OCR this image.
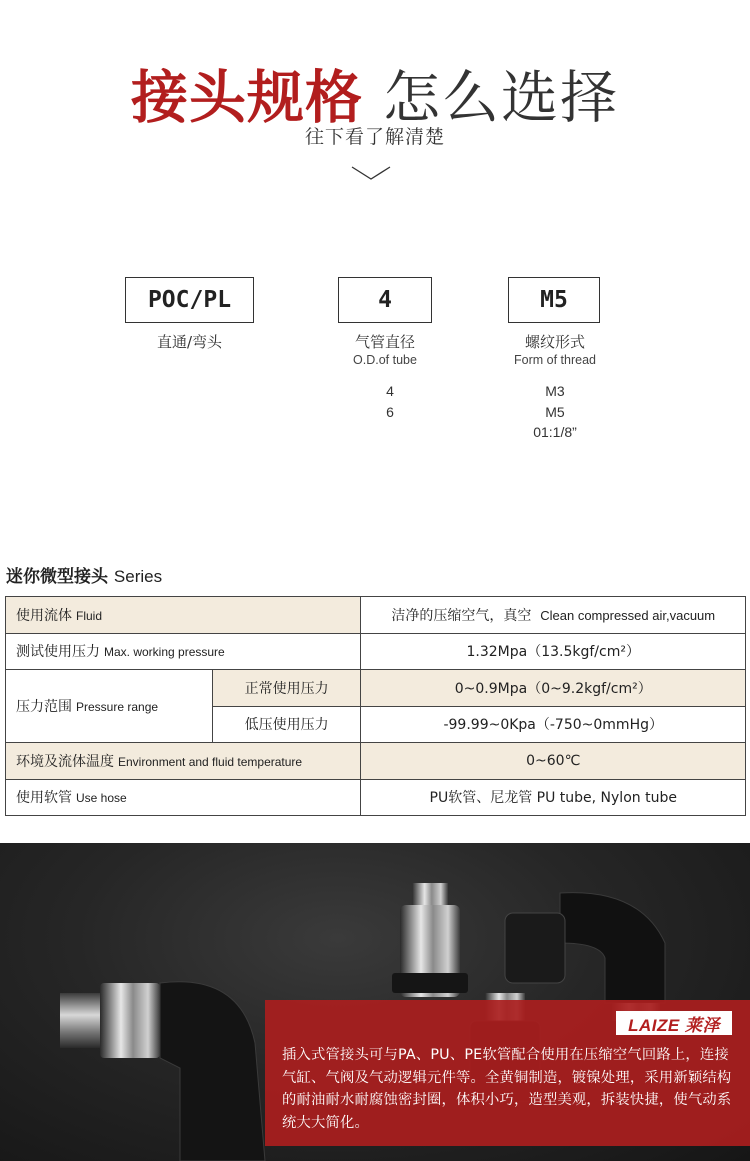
接头规格 怎么选择
往下看了解清楚
POC/PL
直通/弯头
4
气管直径
O.D.of tube
4
6
M5
螺纹形式
Form of thread
M3
M5
01:1/8”
迷你微型接头 Series
使用流体 Fluid		洁净的压缩空气，真空 Clean compressed air,vacuum
测试使用压力 Max. working pressure		1.32Mpa（13.5kgf/cm²）
压力范围 Pressure range	正常使用压力	0~0.9Mpa（0~9.2kgf/cm²）
	低压使用压力	-99.99~0Kpa（-750~0mmHg）
环境及流体温度 Environment and fluid temperature		0~60℃
使用软管 Use hose		PU软管、尼龙管 PU tube, Nylon tube
LAIZE 莱泽
插入式管接头可与PA、PU、PE软管配合使用在压缩空气回路上，连接气缸、气阀及气动逻辑元件等。全黄铜制造，镀镍处理，采用新颖结构的耐油耐水耐腐蚀密封圈，体积小巧，造型美观，拆装快捷，使气动系统大大简化。
